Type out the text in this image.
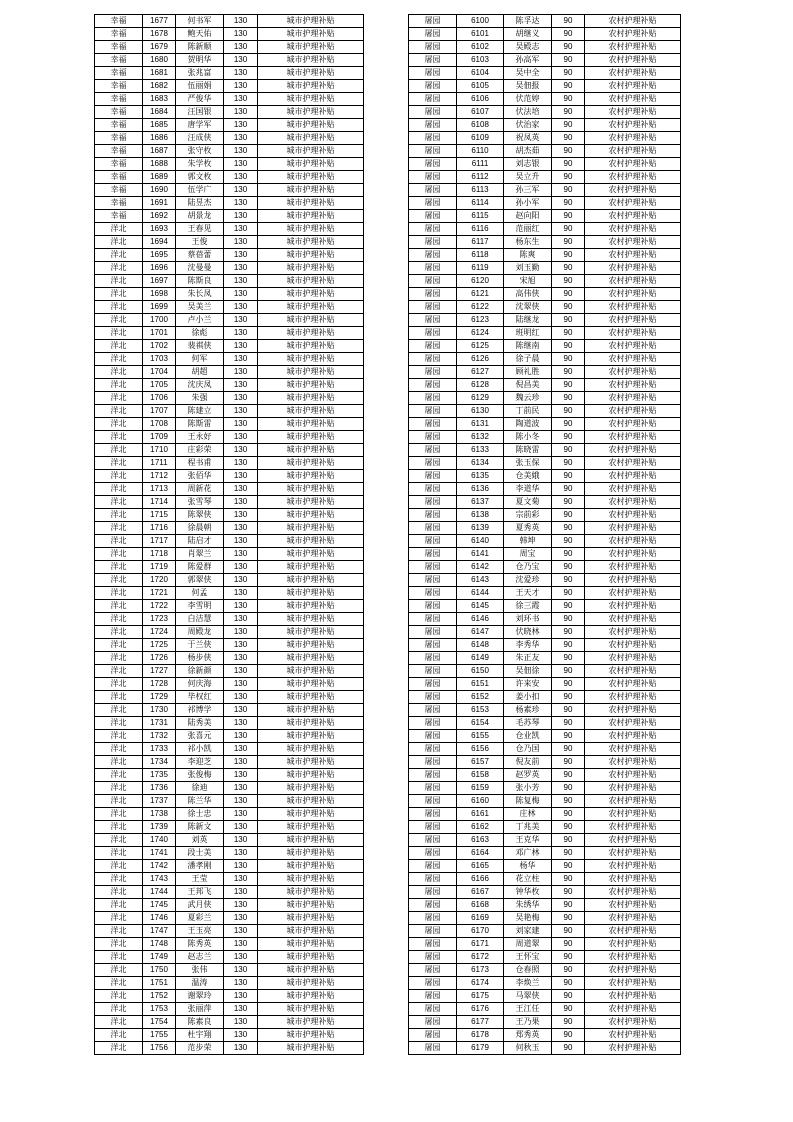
幸福	1677	何书军	130	城市护理补贴
幸福	1678	鲍天佑	130	城市护理补贴
幸福	1679	陈新顺	130	城市护理补贴
幸福	1680	贺明华	130	城市护理补贴
幸福	1681	张兆富	130	城市护理补贴
幸福	1682	伍丽娟	130	城市护理补贴
幸福	1683	严俊华	130	城市护理补贴
幸福	1684	汪国银	130	城市护理补贴
幸福	1685	唐学军	130	城市护理补贴
幸福	1686	汪成侠	130	城市护理补贴
幸福	1687	张守枚	130	城市护理补贴
幸福	1688	朱学枚	130	城市护理补贴
幸福	1689	郭文枚	130	城市护理补贴
幸福	1690	伍学广	130	城市护理补贴
幸福	1691	陆昱杰	130	城市护理补贴
幸福	1692	胡景龙	130	城市护理补贴
洋北	1693	王春见	130	城市护理补贴
洋北	1694	王俊	130	城市护理补贴
洋北	1695	蔡蓓蕾	130	城市护理补贴
洋北	1696	沈曼曼	130	城市护理补贴
洋北	1697	陈斯良	130	城市护理补贴
洋北	1698	朱长凤	130	城市护理补贴
洋北	1699	吴美兰	130	城市护理补贴
洋北	1700	卢小兰	130	城市护理补贴
洋北	1701	徐彪	130	城市护理补贴
洋北	1702	裴祺侠	130	城市护理补贴
洋北	1703	何军	130	城市护理补贴
洋北	1704	胡超	130	城市护理补贴
洋北	1705	沈庆凤	130	城市护理补贴
洋北	1706	朱强	130	城市护理补贴
洋北	1707	陈建立	130	城市护理补贴
洋北	1708	陈斯雷	130	城市护理补贴
洋北	1709	王永好	130	城市护理补贴
洋北	1710	庄彩荣	130	城市护理补贴
洋北	1711	程书甫	130	城市护理补贴
洋北	1712	张佰华	130	城市护理补贴
洋北	1713	周新花	130	城市护理补贴
洋北	1714	张雪琴	130	城市护理补贴
洋北	1715	陈翠侠	130	城市护理补贴
洋北	1716	徐晨朝	130	城市护理补贴
洋北	1717	陆启才	130	城市护理补贴
洋北	1718	肖翠兰	130	城市护理补贴
洋北	1719	陈爱群	130	城市护理补贴
洋北	1720	郭翠侠	130	城市护理补贴
洋北	1721	何孟	130	城市护理补贴
洋北	1722	李雪明	130	城市护理补贴
洋北	1723	白洁慧	130	城市护理补贴
洋北	1724	周殿龙	130	城市护理补贴
洋北	1725	于兰侠	130	城市护理补贴
洋北	1726	杨步侠	130	城市护理补贴
洋北	1727	徐新颜	130	城市护理补贴
洋北	1728	何庆海	130	城市护理补贴
洋北	1729	毕权红	130	城市护理补贴
洋北	1730	祁博学	130	城市护理补贴
洋北	1731	陆秀美	130	城市护理补贴
洋北	1732	张喜元	130	城市护理补贴
洋北	1733	祁小凯	130	城市护理补贴
洋北	1734	李迎芝	130	城市护理补贴
洋北	1735	张俊梅	130	城市护理补贴
洋北	1736	徐迪	130	城市护理补贴
洋北	1737	陈兰华	130	城市护理补贴
洋北	1738	徐士忠	130	城市护理补贴
洋北	1739	陈新文	130	城市护理补贴
洋北	1740	刘英	130	城市护理补贴
洋北	1741	段士美	130	城市护理补贴
洋北	1742	潘孝刚	130	城市护理补贴
洋北	1743	王莹	130	城市护理补贴
洋北	1744	王邦飞	130	城市护理补贴
洋北	1745	武月侠	130	城市护理补贴
洋北	1746	夏彩兰	130	城市护理补贴
洋北	1747	王玉亮	130	城市护理补贴
洋北	1748	陈秀英	130	城市护理补贴
洋北	1749	赵志兰	130	城市护理补贴
洋北	1750	张伟	130	城市护理补贴
洋北	1751	温涛	130	城市护理补贴
洋北	1752	谢翠玲	130	城市护理补贴
洋北	1753	张丽萍	130	城市护理补贴
洋北	1754	陈素良	130	城市护理补贴
洋北	1755	杜宇翔	130	城市护理补贴
洋北	1756	范步荣	130	城市护理补贴
屠园	6100	陈孚达	90	农村护理补贴
屠园	6101	胡继义	90	农村护理补贴
屠园	6102	吴殿志	90	农村护理补贴
屠园	6103	孙高军	90	农村护理补贴
屠园	6104	吴中全	90	农村护理补贴
屠园	6105	吴佃报	90	农村护理补贴
屠园	6106	伏范婷	90	农村护理补贴
屠园	6107	伏法培	90	农村护理补贴
屠园	6108	伏治家	90	农村护理补贴
屠园	6109	祝凤英	90	农村护理补贴
屠园	6110	胡杰茹	90	农村护理补贴
屠园	6111	刘志银	90	农村护理补贴
屠园	6112	吴立升	90	农村护理补贴
屠园	6113	孙三军	90	农村护理补贴
屠园	6114	孙小军	90	农村护理补贴
屠园	6115	赵向阳	90	农村护理补贴
屠园	6116	范丽红	90	农村护理补贴
屠园	6117	杨东生	90	农村护理补贴
屠园	6118	陈爽	90	农村护理补贴
屠园	6119	刘玉勤	90	农村护理补贴
屠园	6120	宋旭	90	农村护理补贴
屠园	6121	高伟侠	90	农村护理补贴
屠园	6122	沈翠侠	90	农村护理补贴
屠园	6123	陆继龙	90	农村护理补贴
屠园	6124	班明红	90	农村护理补贴
屠园	6125	陈继南	90	农村护理补贴
屠园	6126	徐子晨	90	农村护理补贴
屠园	6127	顾礼胜	90	农村护理补贴
屠园	6128	倪昌美	90	农村护理补贴
屠园	6129	魏云珍	90	农村护理补贴
屠园	6130	丁前民	90	农村护理补贴
屠园	6131	陶道波	90	农村护理补贴
屠园	6132	陈小冬	90	农村护理补贴
屠园	6133	陈晓雷	90	农村护理补贴
屠园	6134	张玉保	90	农村护理补贴
屠园	6135	仓美娥	90	农村护理补贴
屠园	6136	李道华	90	农村护理补贴
屠园	6137	夏文菊	90	农村护理补贴
屠园	6138	宗前彩	90	农村护理补贴
屠园	6139	夏秀英	90	农村护理补贴
屠园	6140	韩坤	90	农村护理补贴
屠园	6141	周宝	90	农村护理补贴
屠园	6142	仓乃宝	90	农村护理补贴
屠园	6143	沈爱珍	90	农村护理补贴
屠园	6144	王天才	90	农村护理补贴
屠园	6145	徐三霞	90	农村护理补贴
屠园	6146	刘环书	90	农村护理补贴
屠园	6147	伏晓林	90	农村护理补贴
屠园	6148	李秀华	90	农村护理补贴
屠园	6149	朱正友	90	农村护理补贴
屠园	6150	吴佃徐	90	农村护理补贴
屠园	6151	许来安	90	农村护理补贴
屠园	6152	姜小扣	90	农村护理补贴
屠园	6153	杨素珍	90	农村护理补贴
屠园	6154	毛苏琴	90	农村护理补贴
屠园	6155	仓业凯	90	农村护理补贴
屠园	6156	仓乃国	90	农村护理补贴
屠园	6157	倪友前	90	农村护理补贴
屠园	6158	赵罗英	90	农村护理补贴
屠园	6159	张小芳	90	农村护理补贴
屠园	6160	陈复梅	90	农村护理补贴
屠园	6161	庄林	90	农村护理补贴
屠园	6162	丁兆美	90	农村护理补贴
屠园	6163	王克华	90	农村护理补贴
屠园	6164	邓广林	90	农村护理补贴
屠园	6165	杨华	90	农村护理补贴
屠园	6166	花立柱	90	农村护理补贴
屠园	6167	钟华枚	90	农村护理补贴
屠园	6168	朱绣华	90	农村护理补贴
屠园	6169	吴艳梅	90	农村护理补贴
屠园	6170	刘家建	90	农村护理补贴
屠园	6171	周道翠	90	农村护理补贴
屠园	6172	王怀宝	90	农村护理补贴
屠园	6173	仓春照	90	农村护理补贴
屠园	6174	李焕兰	90	农村护理补贴
屠园	6175	马翠侠	90	农村护理补贴
屠园	6176	王江任	90	农村护理补贴
屠园	6177	王乃果	90	农村护理补贴
屠园	6178	郑秀英	90	农村护理补贴
屠园	6179	何秋玉	90	农村护理补贴
